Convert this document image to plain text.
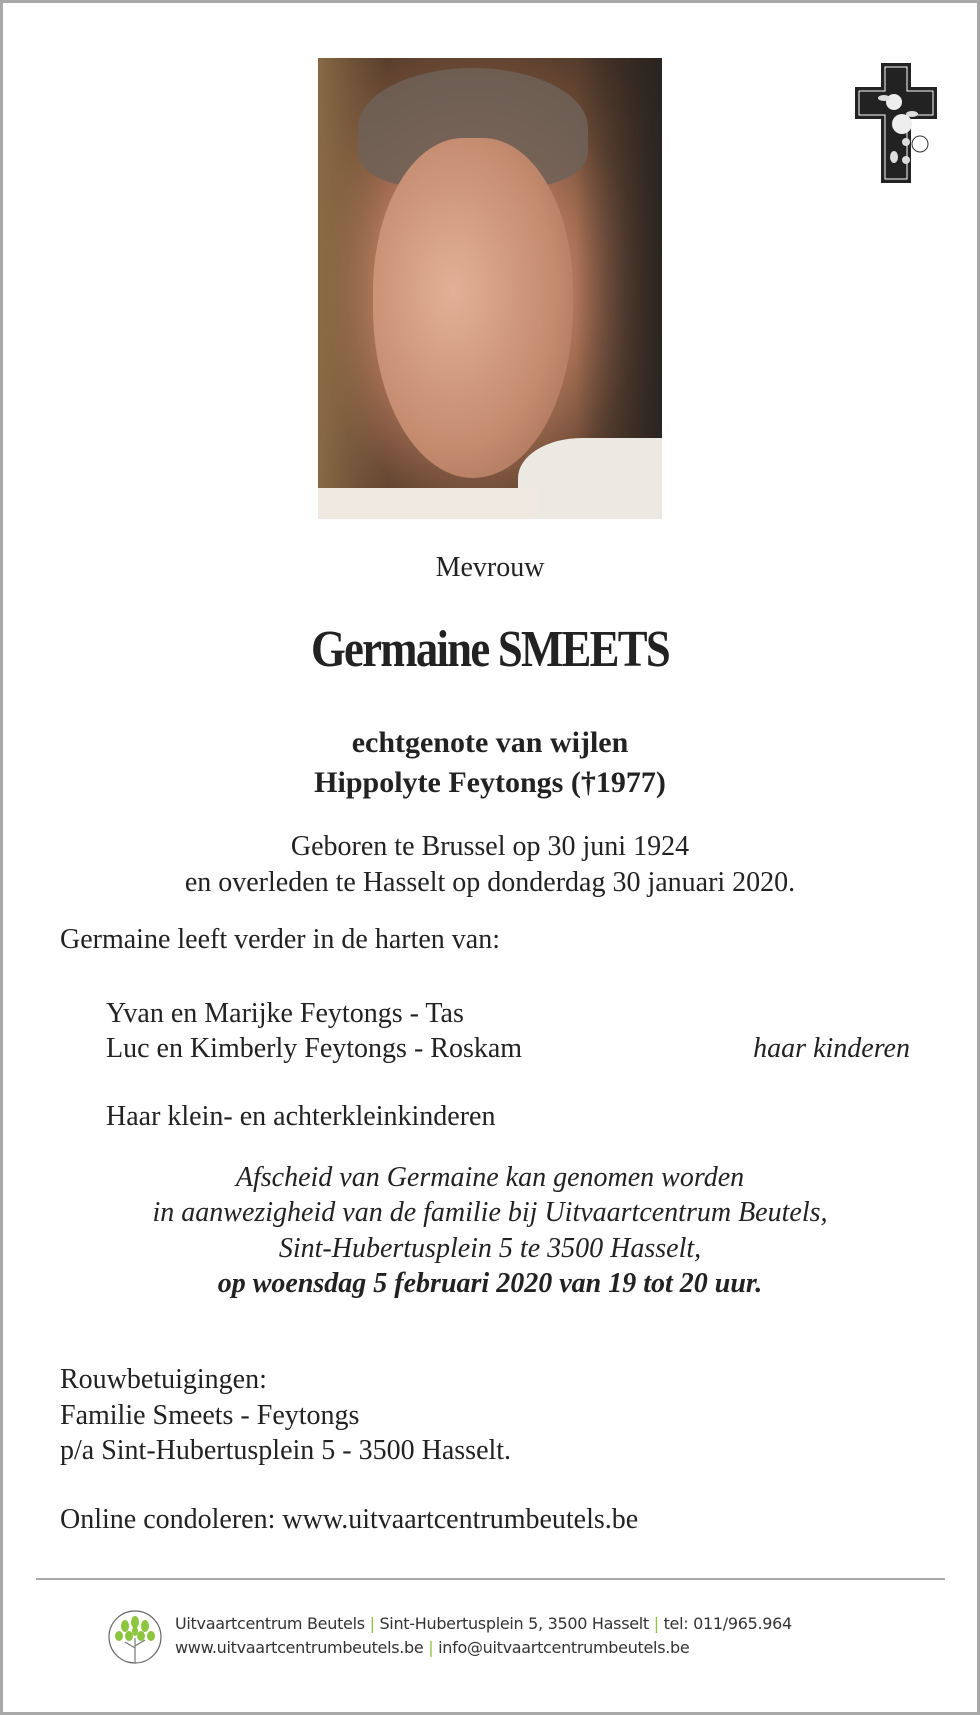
Mevrouw
Germaine SMEETS
echtgenote van wijlen
Hippolyte Feytongs (†1977)
Geboren te Brussel op 30 juni 1924
en overleden te Hasselt op donderdag 30 januari 2020.
Germaine leeft verder in de harten van:
Yvan en Marijke Feytongs - Tas
Luc en Kimberly Feytongs - Roskam	haar kinderen
Haar klein- en achterkleinkinderen
Afscheid van Germaine kan genomen worden
in aanwezigheid van de familie bij Uitvaartcentrum Beutels,
Sint-Hubertusplein 5 te 3500 Hasselt,
op woensdag 5 februari 2020 van 19 tot 20 uur.
Rouwbetuigingen:
Familie Smeets - Feytongs
p/a Sint-Hubertusplein 5 - 3500 Hasselt.
Online condoleren: www.uitvaartcentrumbeutels.be
Uitvaartcentrum Beutels | Sint-Hubertusplein 5, 3500 Hasselt | tel: 011/965.964
www.uitvaartcentrumbeutels.be | info@uitvaartcentrumbeutels.be
